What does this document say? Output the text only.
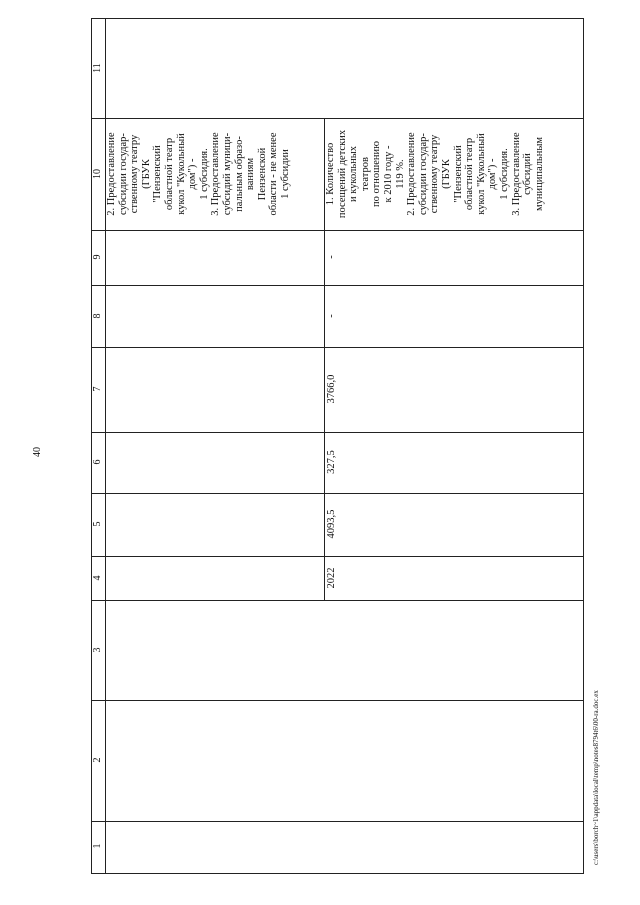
40
1
2
3
4
5
6
7
8
9
10
11
2. Предоставление
субсидии государ-
ственному театру
(ГБУК
"Пензенский
областной театр
кукол "Кукольный
дом") -
1 субсидия.
3. Предоставление
субсидий муници-
пальным образо-
ваниям
Пензенской
области - не менее
1 субсидии
2022
4093,5
327,5
3766,0
-
-
1. Количество
посещений детских
и кукольных
театров
по отношению
к 2010 году -
119 %.
2. Предоставление
субсидии государ-
ственному театру
(ГБУК
"Пензенский
областной театр
кукол "Кукольный
дом") -
1 субсидия.
3. Предоставление
субсидий
муниципальным
c:\users\borch~1\appdata\local\temp\notes8794t6\00-ra.doc.ex
